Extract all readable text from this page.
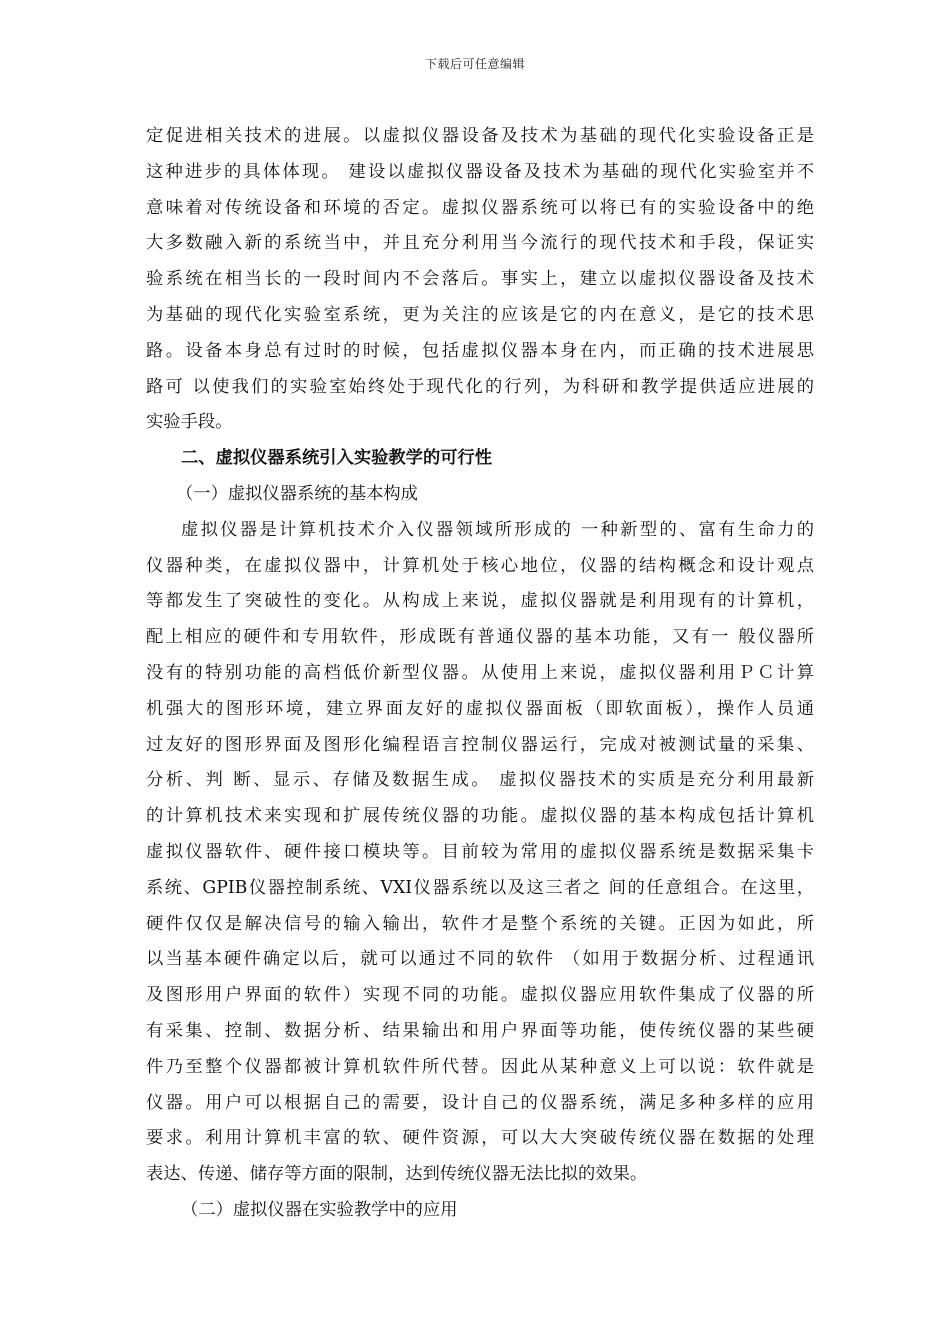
下载后可任意编辑
定促进相关技术的进展。以虚拟仪器设备及技术为基础的现代化实验设备正是
这种进步的具体体现。 建设以虚拟仪器设备及技术为基础的现代化实验室并不
意味着对传统设备和环境的否定。虚拟仪器系统可以将已有的实验设备中的绝
大多数融入新的系统当中，并且充分利用当今流行的现代技术和手段，保证实
验系统在相当长的一段时间内不会落后。事实上，建立以虚拟仪器设备及技术
为基础的现代化实验室系统，更为关注的应该是它的内在意义，是它的技术思
路。设备本身总有过时的时候，包括虚拟仪器本身在内，而正确的技术进展思
路可 以使我们的实验室始终处于现代化的行列，为科研和教学提供适应进展的
实验手段。
二、虚拟仪器系统引入实验教学的可行性
（一）虚拟仪器系统的基本构成
虚拟仪器是计算机技术介入仪器领域所形成的 一种新型的、富有生命力的
仪器种类，在虚拟仪器中，计算机处于核心地位，仪器的结构概念和设计观点
等都发生了突破性的变化。从构成上来说，虚拟仪器就是利用现有的计算机，
配上相应的硬件和专用软件，形成既有普通仪器的基本功能，又有一 般仪器所
没有的特别功能的高档低价新型仪器。从使用上来说，虚拟仪器利用ＰＣ计算
机强大的图形环境，建立界面友好的虚拟仪器面板（即软面板），操作人员通
过友好的图形界面及图形化编程语言控制仪器运行，完成对被测试量的采集、
分析、判 断、显示、存储及数据生成。 虚拟仪器技术的实质是充分利用最新
的计算机技术来实现和扩展传统仪器的功能。虚拟仪器的基本构成包括计算机
虚拟仪器软件、硬件接口模块等。目前较为常用的虚拟仪器系统是数据采集卡
系统、GPIB仪器控制系统、VXI仪器系统以及这三者之 间的任意组合。在这里，
硬件仅仅是解决信号的输入输出，软件才是整个系统的关键。正因为如此，所
以当基本硬件确定以后，就可以通过不同的软件 （如用于数据分析、过程通讯
及图形用户界面的软件）实现不同的功能。虚拟仪器应用软件集成了仪器的所
有采集、控制、数据分析、结果输出和用户界面等功能，使传统仪器的某些硬
件乃至整个仪器都被计算机软件所代替。因此从某种意义上可以说：软件就是
仪器。用户可以根据自己的需要，设计自己的仪器系统，满足多种多样的应用
要求。利用计算机丰富的软、硬件资源，可以大大突破传统仪器在数据的处理
表达、传递、储存等方面的限制，达到传统仪器无法比拟的效果。
（二）虚拟仪器在实验教学中的应用
